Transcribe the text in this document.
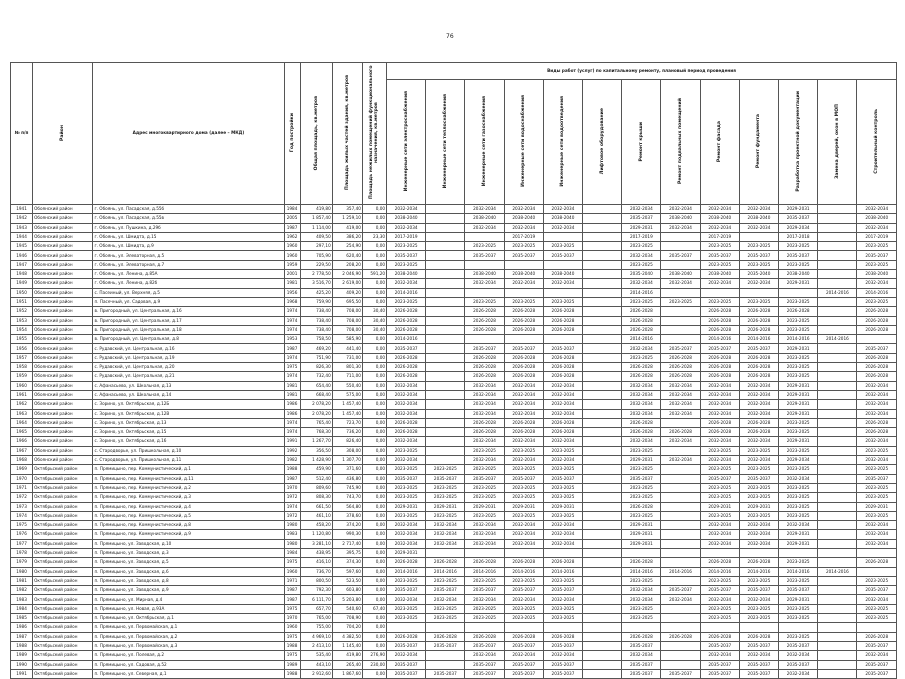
76
№ п/п	Район	Адрес многоквартирного дома (далее – МКД)	Год постройки	Общая площадь, кв.метров	Площадь жилых частей здания, кв.метров	Площадь нежилых помещений функционального назначения, кв.метров	Виды работ (услуг) по капитальному ремонту, плановый период проведения												
							Инженерные сети электроснабжения	Инженерные сети теплоснабжения	Инженерные сети газоснабжения	Инженерные сети водоснабжения	Инженерные сети водоотведения	Лифтовое оборудование	Ремонт крыши	Ремонт подвальных помещений	Ремонт фасада	Ремонт фундамента	Разработка проектной документации	Замена дверей, окон в МОП	Строительный контроль
1941	Обоянский район	г. Обоянь, ул. Пасадская, д.55б	1984	419,80	357,40	0,00	2032-2034		2032-2034	2032-2034	2032-2034		2032-2034	2032-2034	2032-2034	2032-2034	2029-2031		2032-2034
1942	Обоянский район	г. Обоянь, ул. Пасадская, д.55в	2005	1 857,40	1 259,10	0,00	2038-2040		2038-2040	2038-2040	2038-2040		2035-2037	2038-2040	2038-2040	2038-2040	2035-2037		2038-2040
1943	Обоянский район	г. Обоянь, ул. Пушкина, д.29б	1987	1 114,00	419,00	0,00	2032-2034		2032-2034	2032-2034	2032-2034		2029-2031	2032-2034	2032-2034	2032-2034	2029-2034		2032-2034
1944	Обоянский район	г. Обоянь, ул. Шмидта, д.15	1962	409,50	386,20	23,30	2017-2019			2017-2019			2017-2019		2017-2019		2017-2018		2017-2019
1945	Обоянский район	г. Обоянь, ул. Шмидта, д.9	1960	297,10	254,90	0,00	2023-2025		2023-2025	2023-2025	2023-2025		2023-2025		2023-2025	2023-2025	2023-2025		2023-2025
1946	Обоянский район	г. Обоянь, ул. Элеваторная, д.5	1960	705,90	620,40	0,00	2035-2037		2035-2037	2035-2037	2035-2037		2032-2034	2035-2037	2035-2037	2035-2037	2035-2037		2035-2037
1947	Обоянский район	г. Обоянь, ул. Элеваторная, д.7	1959	229,50	208,20	0,00	2023-2025						2023-2025		2023-2025	2023-2025	2023-2025		2023-2025
1948	Обоянский район	г. Обоянь, ул. Ленина, д.85А	2001	2 778,50	2 046,90	591,20	2038-2040		2038-2040	2038-2040	2038-2040		2035-2040	2038-2040	2038-2040	2035-2040	2038-2040		2038-2040
1949	Обоянский район	г. Обоянь, ул. Ленина, д.82б	1981	3 516,70	2 619,00	0,00	2032-2034		2032-2034	2032-2034	2032-2034		2032-2034	2032-2034	2032-2034	2032-2034	2029-2031		2032-2034
1950	Обоянский район	с. Пасеиный, ул. Верхняя, д.5	1956	425,20	409,20	0,00	2014-2016						2014-2016					2014-2016	2014-2016
1951	Обоянский район	п. Пасечный, ул. Садовая, д.9	1968	759,90	695,50	0,00	2023-2025		2023-2025	2023-2025	2023-2025		2023-2025	2023-2025	2023-2025	2023-2025	2023-2025		2023-2025
1952	Обоянский район	в. Пригородный, ул. Центральная, д.16	1974	738,40	708,00	30,40	2026-2028		2026-2028	2026-2028	2026-2028		2026-2028		2026-2028	2026-2028	2026-2028		2026-2028
1953	Обоянский район	в. Пригородный, ул. Центральная, д.17	1974	738,40	708,00	30,40	2026-2028		2026-2028	2026-2028	2026-2028		2026-2028		2026-2028	2026-2028	2023-2025		2026-2028
1954	Обоянский район	в. Пригородный, ул. Центральная, д.18	1974	738,40	708,00	30,40	2026-2028		2026-2028	2026-2028	2026-2028		2026-2028		2026-2028	2026-2028	2023-2025		2026-2028
1955	Обоянский район	в. Пригородный, ул. Центральная, д.8	1953	758,50	585,90	0,00	2014-2016						2014-2016		2014-2016	2014-2016	2014-2016	2014-2016	
1956	Обоянский район	с. Рудавский, ул. Центральная, д.16	1987	469,20	441,40	0,00	2035-2037		2035-2037	2035-2037	2035-2037		2032-2034	2035-2037	2035-2037	2035-2037	2029-2031		2035-2037
1957	Обоянский район	с. Рудавский, ул. Центральная, д.19	1974	751,90	731,00	0,00	2026-2028		2026-2028	2026-2028	2026-2028		2023-2025	2026-2028	2026-2028	2026-2028	2023-2025		2026-2028
1958	Обоянский район	с. Рудавский, ул. Центральная, д.20	1975	826,30	801,30	0,00	2026-2028		2026-2028	2026-2028	2026-2028		2026-2028	2026-2028	2026-2028	2026-2028	2023-2025		2026-2028
1959	Обоянский район	с. Рудавский, ул. Центральная, д.21	1974	732,40	711,00	0,00	2026-2028		2026-2028	2026-2028	2026-2028		2026-2028	2026-2028	2026-2028	2026-2028	2023-2025		2026-2028
1960	Обоянский район	с. Афанасьево, ул. Школьная, д.13	1981	654,40	550,40	0,00	2032-2034		2032-2034	2032-2034	2032-2034		2032-2034	2032-2034	2032-2034	2032-2034	2029-2031		2032-2034
1961	Обоянский район	с. Афанасьево, ул. Школьная, д.14	1981	668,40	575,00	0,00	2032-2034		2032-2034	2032-2034	2032-2034		2032-2034	2032-2034	2032-2034	2032-2034	2029-2031		2032-2034
1962	Обоянский район	с. Зорино, ул. Октябрьская, д.12Б	1986	2 078,20	1 457,40	0,00	2032-2034		2032-2034	2032-2034	2032-2034		2032-2034	2032-2034	2032-2034	2032-2034	2029-2031		2032-2034
1963	Обоянский район	с. Зорино, ул. Октябрьская, д.12В	1986	2 078,20	1 457,40	0,00	2032-2034		2032-2034	2032-2034	2032-2034		2032-2034	2032-2034	2032-2034	2032-2034	2029-2031		2032-2034
1964	Обоянский район	с. Зорино, ул. Октябрьская, д.13	1974	765,40	723,70	0,00	2026-2028		2026-2028	2026-2028	2026-2028		2026-2028		2026-2028	2026-2028	2023-2025		2026-2028
1965	Обоянский район	с. Зорино, ул. Октябрьская, д.15	1974	768,30	736,20	0,00	2026-2028		2026-2028	2026-2028	2026-2028		2026-2028	2026-2028	2026-2028	2026-2028	2023-2025		2026-2028
1966	Обоянский район	с. Зорино, ул. Октябрьская, д.16	1991	1 267,70	826,40	0,00	2032-2034		2032-2034	2032-2034	2032-2034		2032-2034	2032-2034	2032-2034	2032-2034	2029-2031		2032-2034
1967	Обоянский район	с. Стародворье, ул. Пришкольная, д.10	1992	356,50	308,00	0,00	2023-2025		2023-2025	2023-2025	2023-2025		2023-2025		2023-2025	2023-2025	2023-2025		2023-2025
1968	Обоянский район	с. Стародворье, ул. Пришкольная, д.11	1982	1 428,90	1 307,70	0,00	2032-2034		2032-2034	2032-2034	2032-2034		2029-2031	2032-2034	2032-2034	2032-2034	2029-2034		2032-2034
1969	Октябрьский район	п. Прямицыно, пер. Коммунистический, д.1	1988	459,90	371,60	0,00	2023-2025	2023-2025	2023-2025	2023-2025	2023-2025		2023-2025		2023-2025	2023-2025	2023-2025		2023-2025
1970	Октябрьский район	п. Прямицыно, пер. Коммунистический, д.11	1987	512,40	436,80	0,00	2035-2037	2035-2037	2035-2037	2035-2037	2035-2037		2035-2037		2035-2037	2035-2037	2032-2034		2035-2037
1971	Октябрьский район	п. Прямицыно, пер. Коммунистический, д.2	1970	809,60	745,90	0,00	2023-2025	2023-2025	2023-2025	2023-2025	2023-2025		2023-2025		2023-2025	2023-2025	2023-2025		2023-2025
1972	Октябрьский район	п. Прямицыно, пер. Коммунистический, д.3	1972	808,30	743,70	0,00	2023-2025	2023-2025	2023-2025	2023-2025	2023-2025		2023-2025		2023-2025	2023-2025	2023-2025		2023-2025
1973	Октябрьский район	п. Прямицыно, пер. Коммунистический, д.4	1974	661,50	564,80	0,00	2029-2031	2029-2031	2029-2031	2029-2031	2029-2031		2026-2028		2029-2031	2029-2031	2023-2025		2029-2031
1974	Октябрьский район	п. Прямицыно, пер. Коммунистический, д.5	1972	461,10	378,60	0,00	2023-2025	2023-2025	2023-2025	2023-2025	2023-2025		2023-2025		2023-2025	2023-2025	2023-2025		2023-2025
1975	Октябрьский район	п. Прямицыно, пер. Коммунистический, д.8	1980	458,20	374,20	0,00	2032-2034	2032-2034	2032-2034	2032-2034	2032-2034		2029-2031		2032-2034	2032-2034	2032-2034		2032-2034
1976	Октябрьский район	п. Прямицыно, пер. Коммунистический, д.9	1983	1 120,80	990,30	0,00	2032-2034	2032-2034	2032-2034	2032-2034	2032-2034		2029-2031		2032-2034	2032-2034	2029-2031		2032-2034
1977	Октябрьский район	п. Прямицыно, ул. Заводская, д.10	1980	3 281,10	2 717,40	0,00	2032-2034	2032-2034	2032-2034	2032-2034	2032-2034		2029-2031		2032-2034	2032-2034	2029-2031		2032-2034
1978	Октябрьский район	п. Прямицыно, ул. Заводская, д.3	1984	438,95	395,75	0,00	2029-2031												
1979	Октябрьский район	п. Прямицыно, ул. Заводская, д.5	1975	416,10	374,30	0,00	2026-2028	2026-2028	2026-2028	2026-2028	2026-2028		2026-2028		2026-2028	2026-2028	2023-2025		2026-2028
1980	Октябрьский район	п. Прямицыно, ул. Заводская, д.6	1960	736,70	597,60	0,00	2014-2016	2014-2016	2014-2016	2014-2016	2014-2016		2014-2016	2014-2016	2014-2016	2014-2016	2014-2016	2014-2016	
1981	Октябрьский район	п. Прямицыно, ул. Заводская, д.8	1971	800,50	523,50	0,00	2023-2025	2023-2025	2023-2025	2023-2025	2023-2025		2023-2025		2023-2025	2023-2025	2023-2025		2023-2025
1982	Октябрьский район	п. Прямицыно, ул. Заводская, д.9	1987	792,30	603,80	0,00	2035-2037	2035-2037	2035-2037	2035-2037	2035-2037		2032-2034	2035-2037	2035-2037	2035-2037	2035-2037		2035-2037
1983	Октябрьский район	п. Прямицыно, ул. Мирная, д.4	1987	6 111,70	5 203,80	0,00	2032-2034	2032-2034	2032-2034	2032-2034	2032-2034		2032-2034	2032-2034	2032-2034	2032-2034	2029-2031		2032-2034
1984	Октябрьский район	п. Прямицыно, ул. Новая, д.93А	1975	657,70	540,60	67,40	2023-2025	2023-2025	2023-2025	2023-2025	2023-2025		2023-2025		2023-2025	2023-2025	2023-2025		2023-2025
1985	Октябрьский район	п. Прямицыно, ул. Октябрьская, д.1	1970	765,00	708,90	0,00	2023-2025	2023-2025	2023-2025	2023-2025	2023-2025		2023-2025		2023-2025	2023-2025	2023-2025		2023-2025
1986	Октябрьский район	п. Прямицыно, ул. Первомайская, д.1	1960	755,00	704,20	0,00													
1987	Октябрьский район	п. Прямицыно, ул. Первомайская, д.2	1975	4 969,10	4 382,50	0,00	2026-2028	2026-2028	2026-2028	2026-2028	2026-2028		2026-2028	2026-2028	2026-2028	2026-2028	2023-2025		2026-2028
1988	Октябрьский район	п. Прямицыно, ул. Первомайская, д.3	1988	2 413,10	1 145,40	0,00	2035-2037	2035-2037	2035-2037	2035-2037	2035-2037		2035-2037		2035-2037	2035-2037	2035-2037		2035-2037
1989	Октябрьский район	п. Прямицыно, ул. Полевая, д.2	1975	535,40	419,80	276,90	2032-2034		2032-2034	2032-2034	2032-2034		2032-2034		2032-2034	2032-2034	2032-2034		2032-2034
1990	Октябрьский район	п. Прямицыно, ул. Садовая, д.52	1989	443,10	265,40	230,00	2035-2037		2035-2037	2035-2037	2035-2037		2035-2037		2035-2037	2035-2037	2035-2037		2035-2037
1991	Октябрьский район	п. Прямицыно, ул. Северная, д.1	1988	2 912,60	1 867,60	0,00	2035-2037	2035-2037	2035-2037	2035-2037	2035-2037		2035-2037	2035-2037	2035-2037	2035-2037	2032-2034		2035-2037
